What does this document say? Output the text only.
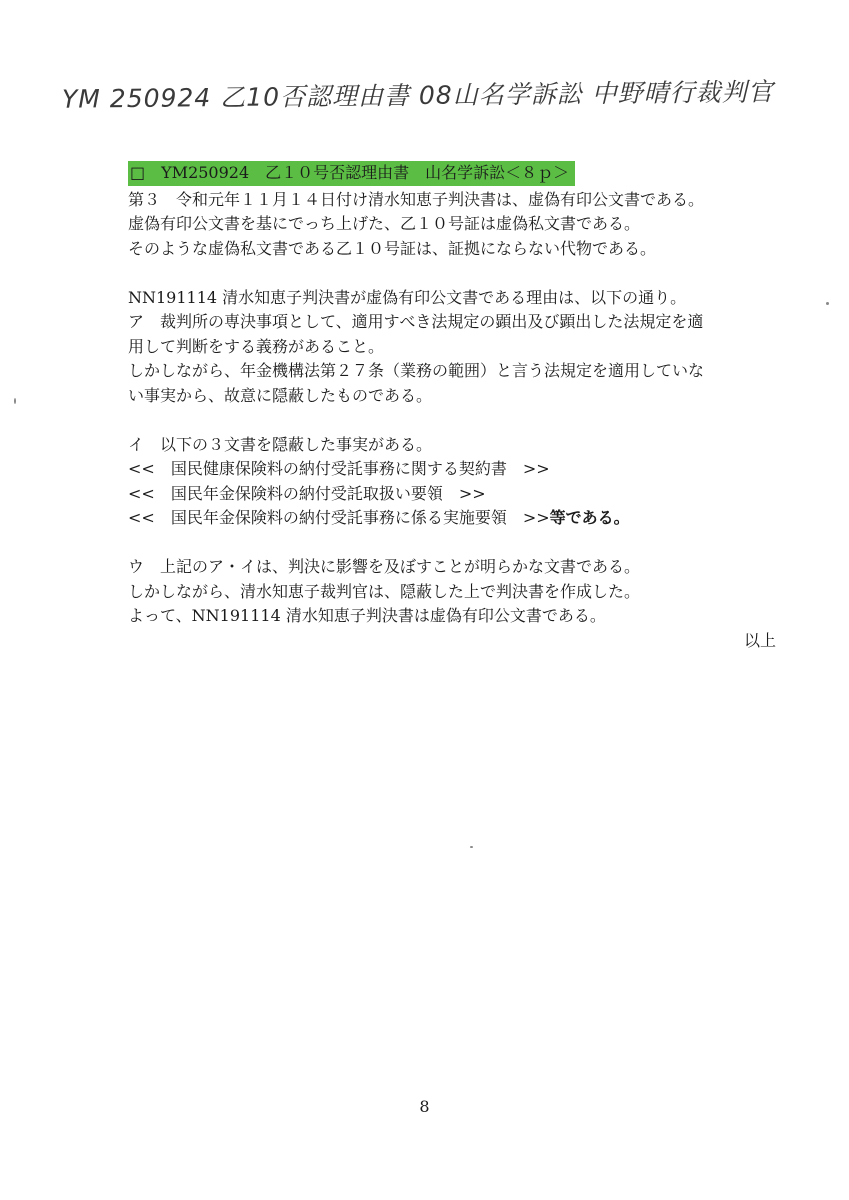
YM 250924 乙10否認理由書 08山名学訴訟 中野晴行裁判官
□　YM250924　乙１０号否認理由書　山名学訴訟＜８ｐ＞
第３　令和元年１１月１４日付け清水知恵子判決書は、虚偽有印公文書である。
虚偽有印公文書を基にでっち上げた、乙１０号証は虚偽私文書である。
そのような虚偽私文書である乙１０号証は、証拠にならない代物である。
NN191114 清水知恵子判決書が虚偽有印公文書である理由は、以下の通り。
ア　裁判所の専決事項として、適用すべき法規定の顕出及び顕出した法規定を適
用して判断をする義務があること。
しかしながら、年金機構法第２７条（業務の範囲）と言う法規定を適用していな
い事実から、故意に隠蔽したものである。
イ　以下の３文書を隠蔽した事実がある。
<<　国民健康保険料の納付受託事務に関する契約書　>>
<<　国民年金保険料の納付受託取扱い要領　>>
<<　国民年金保険料の納付受託事務に係る実施要領　>>等である。
ウ　上記のア・イは、判決に影響を及ぼすことが明らかな文書である。
しかしながら、清水知恵子裁判官は、隠蔽した上で判決書を作成した。
よって、NN191114 清水知恵子判決書は虚偽有印公文書である。
以上
8
